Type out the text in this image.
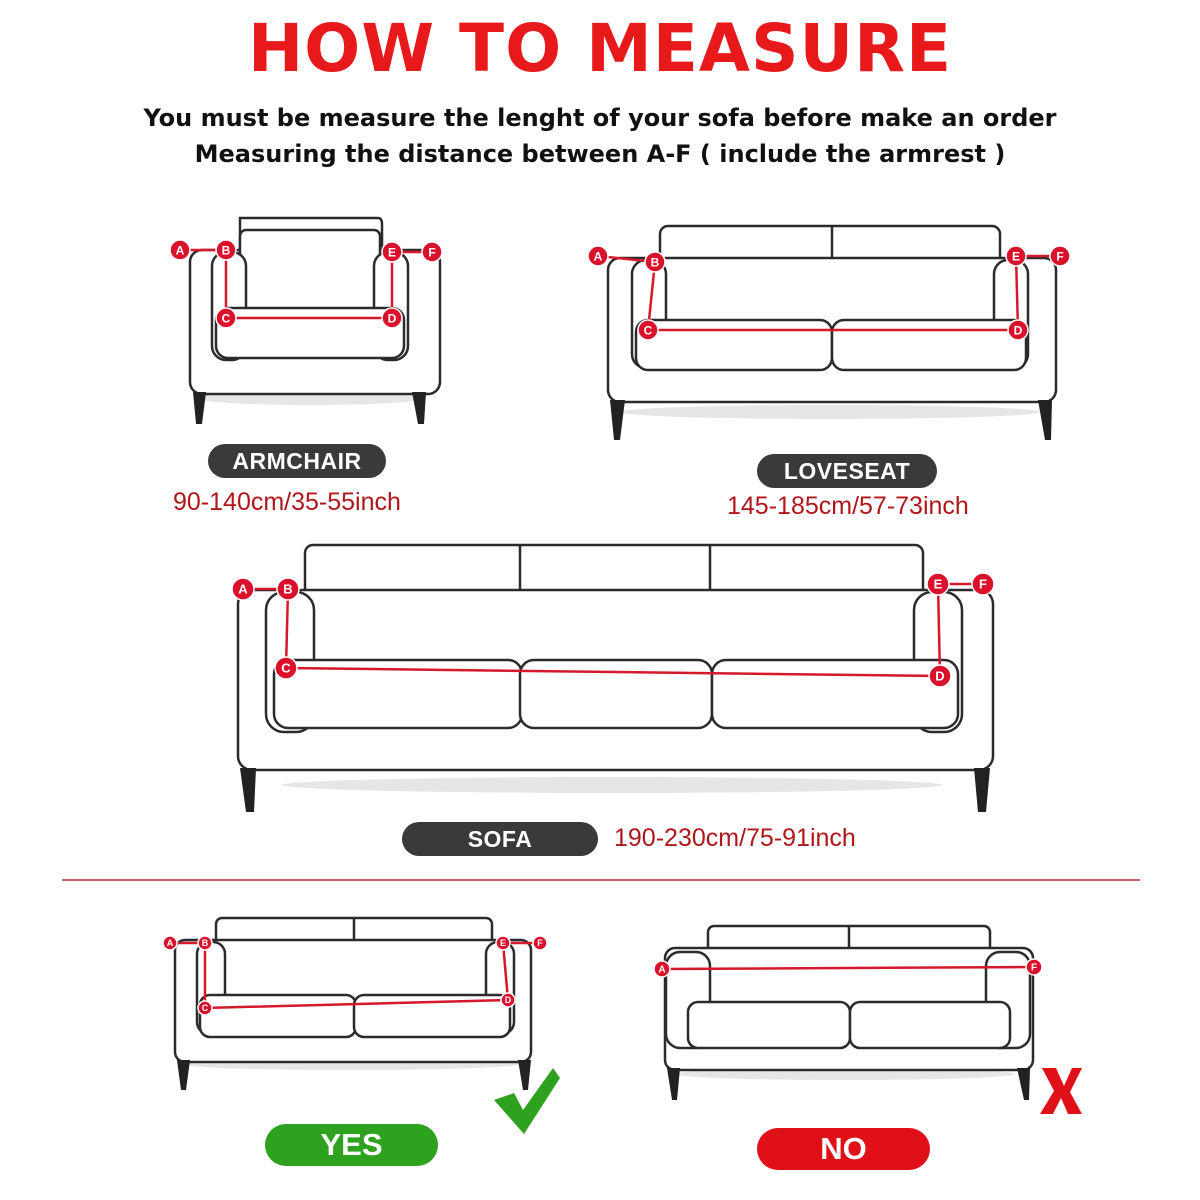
HOW TO MEASURE
You must be measure the lenght of your sofa before make an order
Measuring the distance between A-F ( include the armrest )
A	B
C	D
E	F	A	B
C	D
E	F
A	B
C
D
E	F
A	B
C
D
E	F
A	F
ARMCHAIR
90-140cm/35-55inch
LOVESEAT
145-185cm/57-73inch
SOFA	190-230cm/75-91inch
YES	NO
